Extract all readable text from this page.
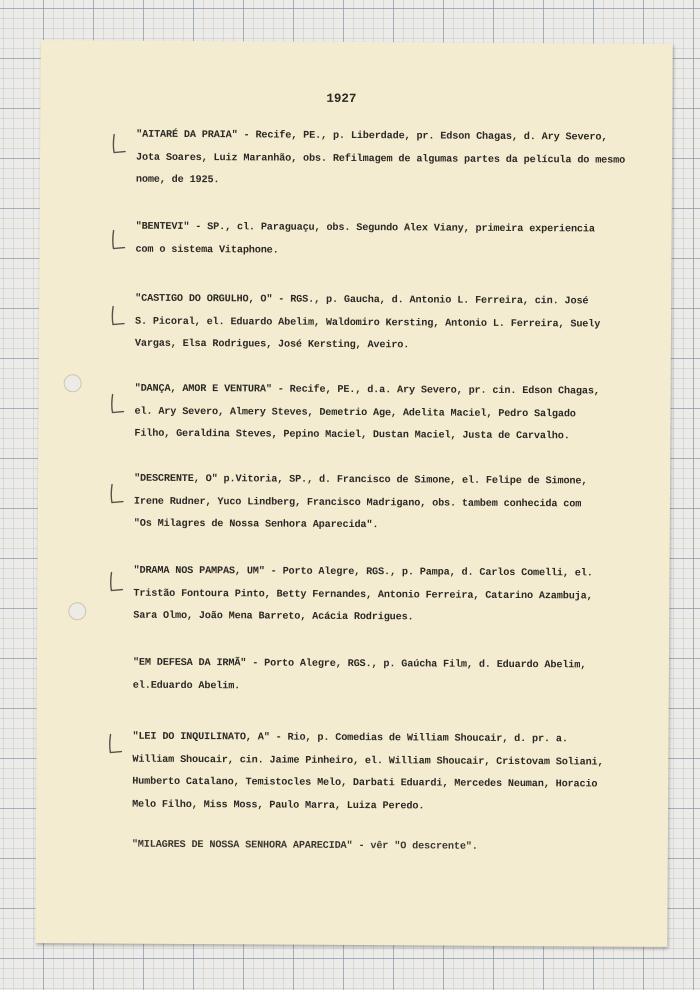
1927
"AITARÉ DA PRAIA" - Recife, PE., p. Liberdade, pr. Edson Chagas, d. Ary Severo,
Jota Soares, Luiz Maranhão, obs. Refilmagem de algumas partes da película do mesmo
nome, de 1925.
"BENTEVI" - SP., cl. Paraguaçu, obs. Segundo Alex Viany, primeira experiencia
com o sistema Vitaphone.
"CASTIGO DO ORGULHO, O" - RGS., p. Gaucha, d. Antonio L. Ferreira, cin. José
S. Picoral, el. Eduardo Abelim, Waldomiro Kersting, Antonio L. Ferreira, Suely
Vargas, Elsa Rodrigues, José Kersting, Aveiro.
"DANÇA, AMOR E VENTURA" - Recife, PE., d.a. Ary Severo, pr. cin. Edson Chagas,
el. Ary Severo, Almery Steves, Demetrio Age, Adelita Maciel, Pedro Salgado
Filho, Geraldina Steves, Pepino Maciel, Dustan Maciel, Justa de Carvalho.
"DESCRENTE, O" p.Vitoria, SP., d. Francisco de Simone, el. Felipe de Simone,
Irene Rudner, Yuco Lindberg, Francisco Madrigano, obs. tambem conhecida com
"Os Milagres de Nossa Senhora Aparecida".
"DRAMA NOS PAMPAS, UM" - Porto Alegre, RGS., p. Pampa, d. Carlos Comelli, el.
Tristão Fontoura Pinto, Betty Fernandes, Antonio Ferreira, Catarino Azambuja,
Sara Olmo, João Mena Barreto, Acácia Rodrigues.
"EM DEFESA DA IRMÃ" - Porto Alegre, RGS., p. Gaúcha Film, d. Eduardo Abelim,
el.Eduardo Abelim.
"LEI DO INQUILINATO, A" - Rio, p. Comedias de William Shoucair, d. pr. a.
William Shoucair, cin. Jaime Pinheiro, el. William Shoucair, Cristovam Soliani,
Humberto Catalano, Temistocles Melo, Darbati Eduardi, Mercedes Neuman, Horacio
Melo Filho, Miss Moss, Paulo Marra, Luiza Peredo.
"MILAGRES DE NOSSA SENHORA APARECIDA" - vêr "O descrente".
